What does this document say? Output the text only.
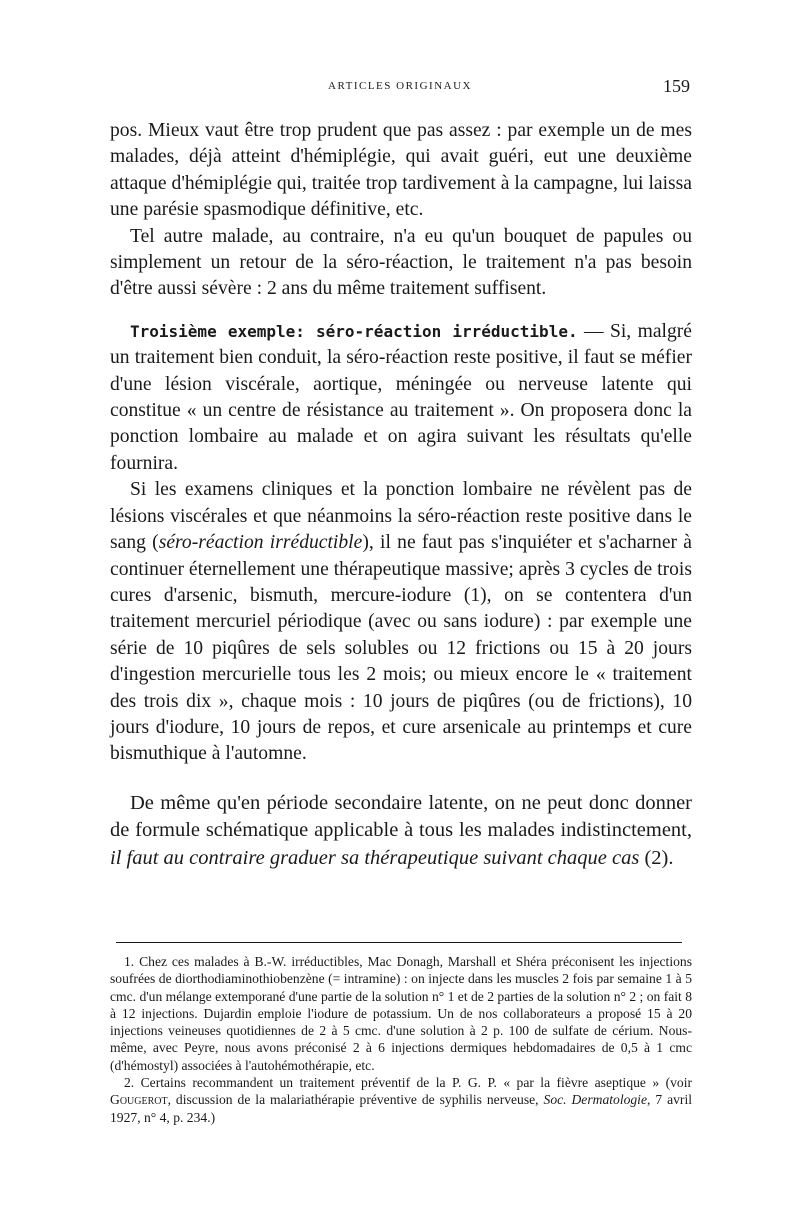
ARTICLES ORIGINAUX	159

pos. Mieux vaut être trop prudent que pas assez : par exemple un de mes malades, déjà atteint d'hémiplégie, qui avait guéri, eut une deuxième attaque d'hémiplégie qui, traitée trop tardivement à la campagne, lui laissa une parésie spasmodique définitive, etc.

Tel autre malade, au contraire, n'a eu qu'un bouquet de papules ou simplement un retour de la séro-réaction, le traitement n'a pas besoin d'être aussi sévère : 2 ans du même traitement suffisent.

Troisième exemple: séro-réaction irréductible. — Si, malgré un traitement bien conduit, la séro-réaction reste positive, il faut se méfier d'une lésion viscérale, aortique, méningée ou nerveuse latente qui constitue « un centre de résistance au traitement ». On proposera donc la ponction lombaire au malade et on agira suivant les résultats qu'elle fournira.

Si les examens cliniques et la ponction lombaire ne révèlent pas de lésions viscérales et que néanmoins la séro-réaction reste positive dans le sang (séro-réaction irréductible), il ne faut pas s'inquiéter et s'acharner à continuer éternellement une thérapeutique massive; après 3 cycles de trois cures d'arsenic, bismuth, mercure-iodure (1), on se contentera d'un traitement mercuriel périodique (avec ou sans iodure) : par exemple une série de 10 piqûres de sels solubles ou 12 frictions ou 15 à 20 jours d'ingestion mercurielle tous les 2 mois; ou mieux encore le « traitement des trois dix », chaque mois : 10 jours de piqûres (ou de frictions), 10 jours d'iodure, 10 jours de repos, et cure arsenicale au printemps et cure bismuthique à l'automne.

De même qu'en période secondaire latente, on ne peut donc donner de formule schématique applicable à tous les malades indistinctement, il faut au contraire graduer sa thérapeutique suivant chaque cas (2).

1. Chez ces malades à B.-W. irréductibles, Mac Donagh, Marshall et Shéra préconisent les injections soufrées de diorthodiaminothiobenzène (= intramine) : on injecte dans les muscles 2 fois par semaine 1 à 5 cmc. d'un mélange extemporané d'une partie de la solution n° 1 et de 2 parties de la solution n° 2 ; on fait 8 à 12 injections. Dujardin emploie l'iodure de potassium. Un de nos collaborateurs a proposé 15 à 20 injections veineuses quotidiennes de 2 à 5 cmc. d'une solution à 2 p. 100 de sulfate de cérium. Nous-même, avec Peyre, nous avons préconisé 2 à 6 injections dermiques hebdomadaires de 0,5 à 1 cmc (d'hémostyl) associées à l'autohémothérapie, etc.

2. Certains recommandent un traitement préventif de la P. G. P. « par la fièvre aseptique » (voir Gougerot, discussion de la malariathérapie préventive de syphilis nerveuse, Soc. Dermatologie, 7 avril 1927, n° 4, p. 234.)
